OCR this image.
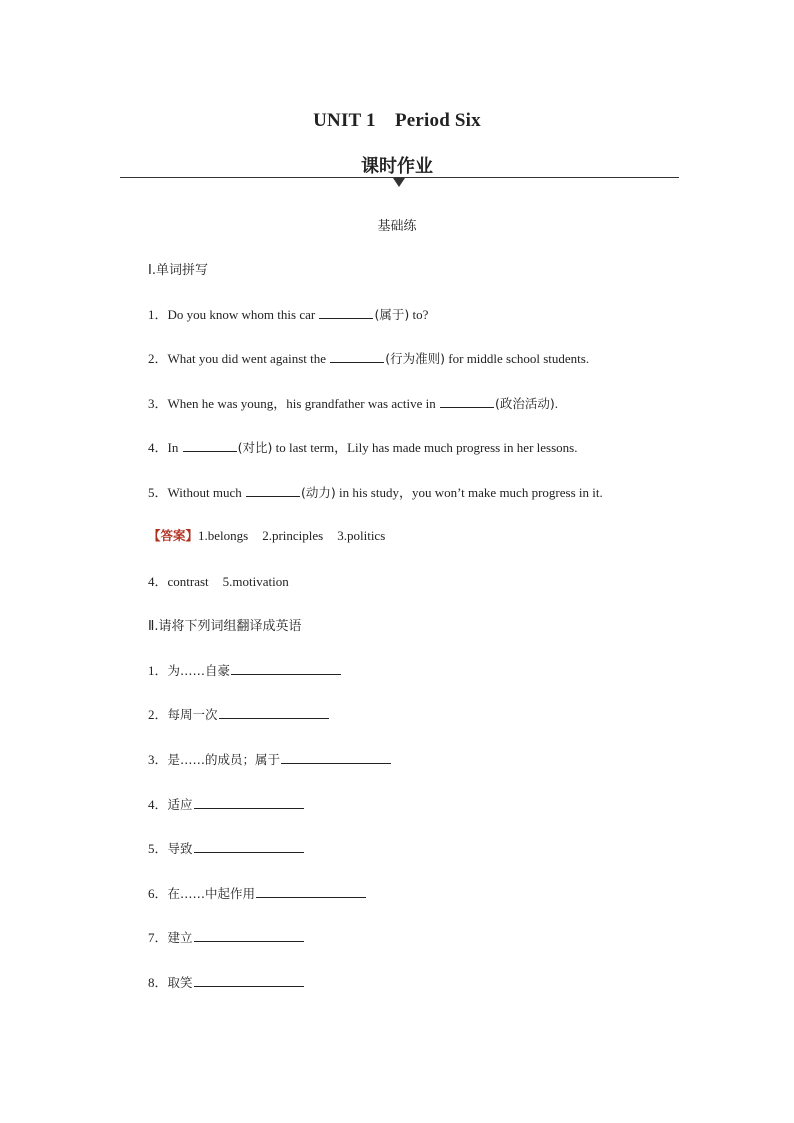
UNIT 1　Period Six
课时作业
基础练
Ⅰ.单词拼写
1．Do you know whom this car	(属于) to?
2．What you did went against the	(行为准则) for middle school students.
3．When he was young，his grandfather was active in	(政治活动).
4．In	(对比) to last term，Lily has made much progress in her lessons.
5．Without much	(动力) in his study，you won’t make much progress in it.
【答案】1.belongs 2.principles 3.politics
4．contrast 5.motivation
Ⅱ.请将下列词组翻译成英语
1．为……自豪
2．每周一次
3．是……的成员；属于
4．适应
5．导致
6．在……中起作用
7．建立
8．取笑
